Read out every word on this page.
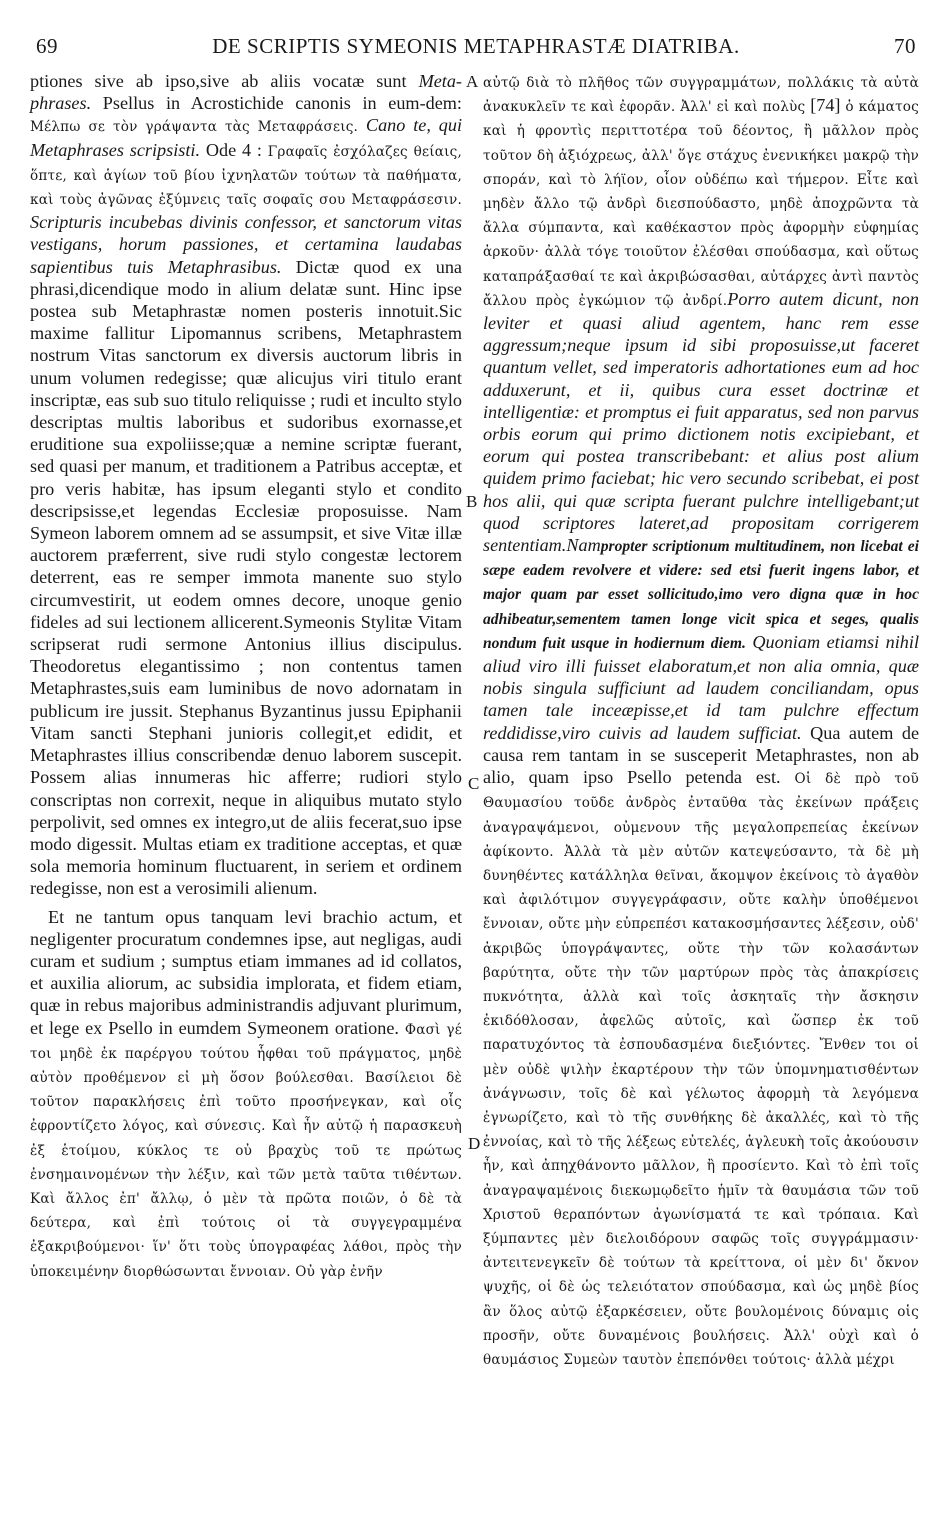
69	DE SCRIPTIS SYMEONIS METAPHRASTÆ DIATRIBA.	70

ptiones sive ab ipso,sive ab aliis vocatæ sunt Meta-phrases. Psellus in Acrostichide canonis in eum-dem: Μέλπω σε τὸν γράψαντα τὰς Μεταφράσεις. Cano te, qui Metaphrases scripsisti. Ode 4 : Γραφαῖς ἐσχόλαζες θείαις, ὅπτε, καὶ ἁγίων τοῦ βίου ἰχνηλατῶν τούτων τὰ παθήματα, καὶ τοὺς ἀγῶνας ἐξύμνεις ταῖς σοφαῖς σου Μεταφράσεσιν. Scripturis incubebas divinis confessor, et sanctorum vitas vestigans, horum passiones, et certamina laudabas sapientibus tuis Metaphrasibus. Dictæ quod ex una phrasi,dicendique modo in alium delatæ sunt. Hinc ipse postea sub Metaphrastæ nomen posteris innotuit.Sic maxime fallitur Lipomannus scribens, Metaphrastem nostrum Vitas sanctorum ex diversis auctorum libris in unum volumen redegisse; quæ alicujus viri titulo erant inscriptæ, eas sub suo titulo reliquisse ; rudi et inculto stylo descriptas multis laboribus et sudoribus exornasse,et eruditione sua expoliisse;quæ a nemine scriptæ fuerant, sed quasi per manum, et traditionem a Patribus acceptæ, et pro veris habitæ, has ipsum eleganti stylo et condito descripsisse,et legendas Ecclesiæ proposuisse. Nam Symeon laborem omnem ad se assumpsit, et sive Vitæ illæ auctorem præferrent, sive rudi stylo congestæ lectorem deterrent, eas re semper immota manente suo stylo circumvestirit, ut eodem omnes decore, unoque genio fideles ad sui lectionem allicerent.Symeonis Stylitæ Vitam scripserat rudi sermone Antonius illius discipulus. Theodoretus elegantissimo ; non contentus tamen Metaphrastes,suis eam luminibus de novo adornatam in publicum ire jussit. Stephanus Byzantinus jussu Epiphanii Vitam sancti Stephani junioris collegit,et edidit, et Metaphrastes illius conscribendæ denuo laborem suscepit. Possem alias innumeras hic afferre; rudiori stylo conscriptas non correxit, neque in aliquibus mutato stylo perpolivit, sed omnes ex integro,ut de aliis fecerat,suo ipse modo digessit. Multas etiam ex traditione acceptas, et quæ sola memoria hominum fluctuarent, in seriem et ordinem redegisse, non est a verosimili alienum.

Et ne tantum opus tanquam levi brachio actum, et negligenter procuratum condemnes ipse, aut negligas, audi curam et sudium ; sumptus etiam immanes ad id collatos, et auxilia aliorum, ac subsidia implorata, et fidem etiam, quæ in rebus majoribus administrandis adjuvant plurimum, et lege ex Psello in eumdem Symeonem oratione. Φασὶ γέ τοι μηδὲ ἐκ παρέργου τούτου ἧφθαι τοῦ πράγματος, μηδὲ αὐτὸν προθέμενον εἰ μὴ ὅσον βούλεσθαι. Βασίλειοι δὲ τοῦτον παρακλήσεις ἐπὶ τοῦτο προσήνεγκαν, καὶ οἷς ἐφροντίζετο λόγος, καὶ σύνεσις. Καὶ ἦν αὐτῷ ἡ παρασκευὴ ἐξ ἑτοίμου, κύκλος τε οὐ βραχὺς τοῦ τε πρώτως ἐνσημαινομένων τὴν λέξιν, καὶ τῶν μετὰ ταῦτα τιθέντων. Καὶ ἄλλος ἐπ' ἄλλῳ, ὁ μὲν τὰ πρῶτα ποιῶν, ὁ δὲ τὰ δεύτερα, καὶ ἐπὶ τούτοις οἱ τὰ συγγεγραμμένα ἐξακριβούμενοι· ἵν' ὅτι τοὺς ὑπογραφέας λάθοι, πρὸς τὴν ὑποκειμένην διορθώσωνται ἔννοιαν. Οὐ γὰρ ἐνῆν

A
B
C
D

αὐτῷ διὰ τὸ πλῆθος τῶν συγγραμμάτων, πολλάκις τὰ αὐτὰ ἀνακυκλεῖν τε καὶ ἐφορᾶν. Ἀλλ' εἰ καὶ πολὺς [74] ὁ κάματος καὶ ἡ φροντὶς περιττοτέρα τοῦ δέοντος, ἢ μᾶλλον πρὸς τοῦτον δὴ ἀξιόχρεως, ἀλλ' ὅγε στάχυς ἐνενικήκει μακρῷ τὴν σποράν, καὶ τὸ λήϊον, οἷον οὐδέπω καὶ τήμερον. Εἶτε καὶ μηδὲν ἄλλο τῷ ἀνδρὶ διεσπούδαστο, μηδὲ ἀποχρῶντα τὰ ἄλλα σύμπαντα, καὶ καθέκαστον πρὸς ἀφορμὴν εὐφημίας ἀρκοῦν· ἀλλὰ τόγε τοιοῦτον ἐλέσθαι σπούδασμα, καὶ οὕτως καταπράξασθαί τε καὶ ἀκριβώσασθαι, αὐτάρχες ἀντὶ παντὸς ἄλλου πρὸς ἐγκώμιον τῷ ἀνδρί.Porro autem dicunt, non leviter et quasi aliud agentem, hanc rem esse aggressum;neque ipsum id sibi proposuisse,ut faceret quantum vellet, sed imperatoris adhortationes eum ad hoc adduxerunt, et ii, quibus cura esset doctrinæ et intelligentiæ: et promptus ei fuit apparatus, sed non parvus orbis eorum qui primo dictionem notis excipiebant, et eorum qui postea transcribebant: et alius post alium quidem primo faciebat; hic vero secundo scribebat, ei post hos alii, qui quæ scripta fuerant pulchre intelligebant;ut quod scriptores lateret,ad propositam corrigerem sententiam.Nampropter scriptionum multitudinem, non licebat ei sæpe eadem revolvere et videre: sed etsi fuerit ingens labor, et major quam par esset sollicitudo,imo vero digna quæ in hoc adhibeatur,sementem tamen longe vicit spica et seges, qualis nondum fuit usque in hodiernum diem. Quoniam etiamsi nihil aliud viro illi fuisset elaboratum,et non alia omnia, quæ nobis singula sufficiunt ad laudem conciliandam, opus tamen tale inceæpisse,et id tam pulchre effectum reddidisse,viro cuivis ad laudem sufficiat. Qua autem de causa rem tantam in se susceperit Metaphrastes, non ab alio, quam ipso Psello petenda est. Οἱ δὲ πρὸ τοῦ Θαυμασίου τοῦδε ἀνδρὸς ἐνταῦθα τὰς ἐκείνων πράξεις ἀναγραψάμενοι, οὐμενουν τῆς μεγαλοπρεπείας ἐκείνων ἀφίκοντο. Ἀλλὰ τὰ μὲν αὐτῶν κατεψεύσαντο, τὰ δὲ μὴ δυνηθέντες κατάλληλα θεῖναι, ἄκομψον ἐκείνοις τὸ ἀγαθὸν καὶ ἀφιλότιμον συγγεγράφασιν, οὔτε καλὴν ὑποθέμενοι ἔννοιαν, οὔτε μὴν εὐπρεπέσι κατακοσμήσαντες λέξεσιν, οὐδ' ἀκριβῶς ὑπογράψαντες, οὔτε τὴν τῶν κολασάντων βαρύτητα, οὔτε τὴν τῶν μαρτύρων πρὸς τὰς ἀπακρίσεις πυκνότητα, ἀλλὰ καὶ τοῖς ἀσκηταῖς τὴν ἄσκησιν ἐκιδόθλοσαν, ἀφελῶς αὐτοῖς, καὶ ὥσπερ ἐκ τοῦ παρατυχόντος τὰ ἐσπουδασμένα διεξιόντες. Ἔνθεν τοι οἱ μὲν οὐδὲ ψιλὴν ἐκαρτέρουν τὴν τῶν ὑπομνηματισθέντων ἀνάγνωσιν, τοῖς δὲ καὶ γέλωτος ἀφορμὴ τὰ λεγόμενα ἐγνωρίζετο, καὶ τὸ τῆς συνθήκης δὲ ἀκαλλές, καὶ τὸ τῆς ἐννοίας, καὶ τὸ τῆς λέξεως εὐτελές, ἀγλευκὴ τοῖς ἀκούουσιν ἦν, καὶ ἀπηχθάνοντο μᾶλλον, ἢ προσίεντο. Καὶ τὸ ἐπὶ τοῖς ἀναγραψαμένοις διεκωμῳδεῖτο ἡμῖν τὰ θαυμάσια τῶν τοῦ Χριστοῦ θεραπόντων ἀγωνίσματά τε καὶ τρόπαια. Καὶ ξύμπαντες μὲν διελοιδόρουν σαφῶς τοῖς συγγράμμασιν· ἀντειτενεγκεῖν δὲ τούτων τὰ κρείττονα, οἱ μὲν δι' ὄκνον ψυχῆς, οἱ δὲ ὡς τελειότατον σπούδασμα, καὶ ὡς μηδὲ βίος ἂν ὅλος αὐτῷ ἐξαρκέσειεν, οὔτε βουλομένοις δύναμις οἱς προσῆν, οὔτε δυναμένοις βουλήσεις. Ἀλλ' οὐχὶ καὶ ὁ θαυμάσιος Συμεὼν ταυτὸν ἐπεπόνθει τούτοις· ἀλλὰ μέχρι
